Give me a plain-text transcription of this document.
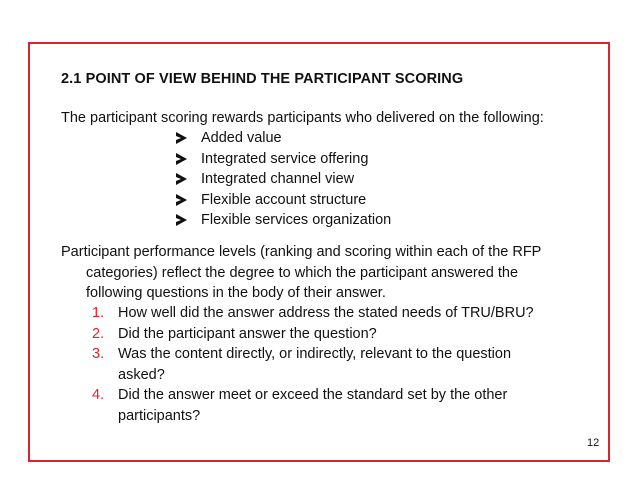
2.1 POINT OF VIEW BEHIND THE PARTICIPANT SCORING
The participant scoring rewards participants who delivered on the following:
Added value
Integrated service offering
Integrated channel view
Flexible account structure
Flexible services organization
Participant performance levels (ranking and scoring within each of the RFP
categories) reflect the degree to which the participant answered the
following questions in the body of their answer.
1. How well did the answer address the stated needs of TRU/BRU?
2. Did the participant answer the question?
3. Was the content directly, or indirectly, relevant to the question
asked?
4. Did the answer meet or exceed the standard set by the other
participants?
12
